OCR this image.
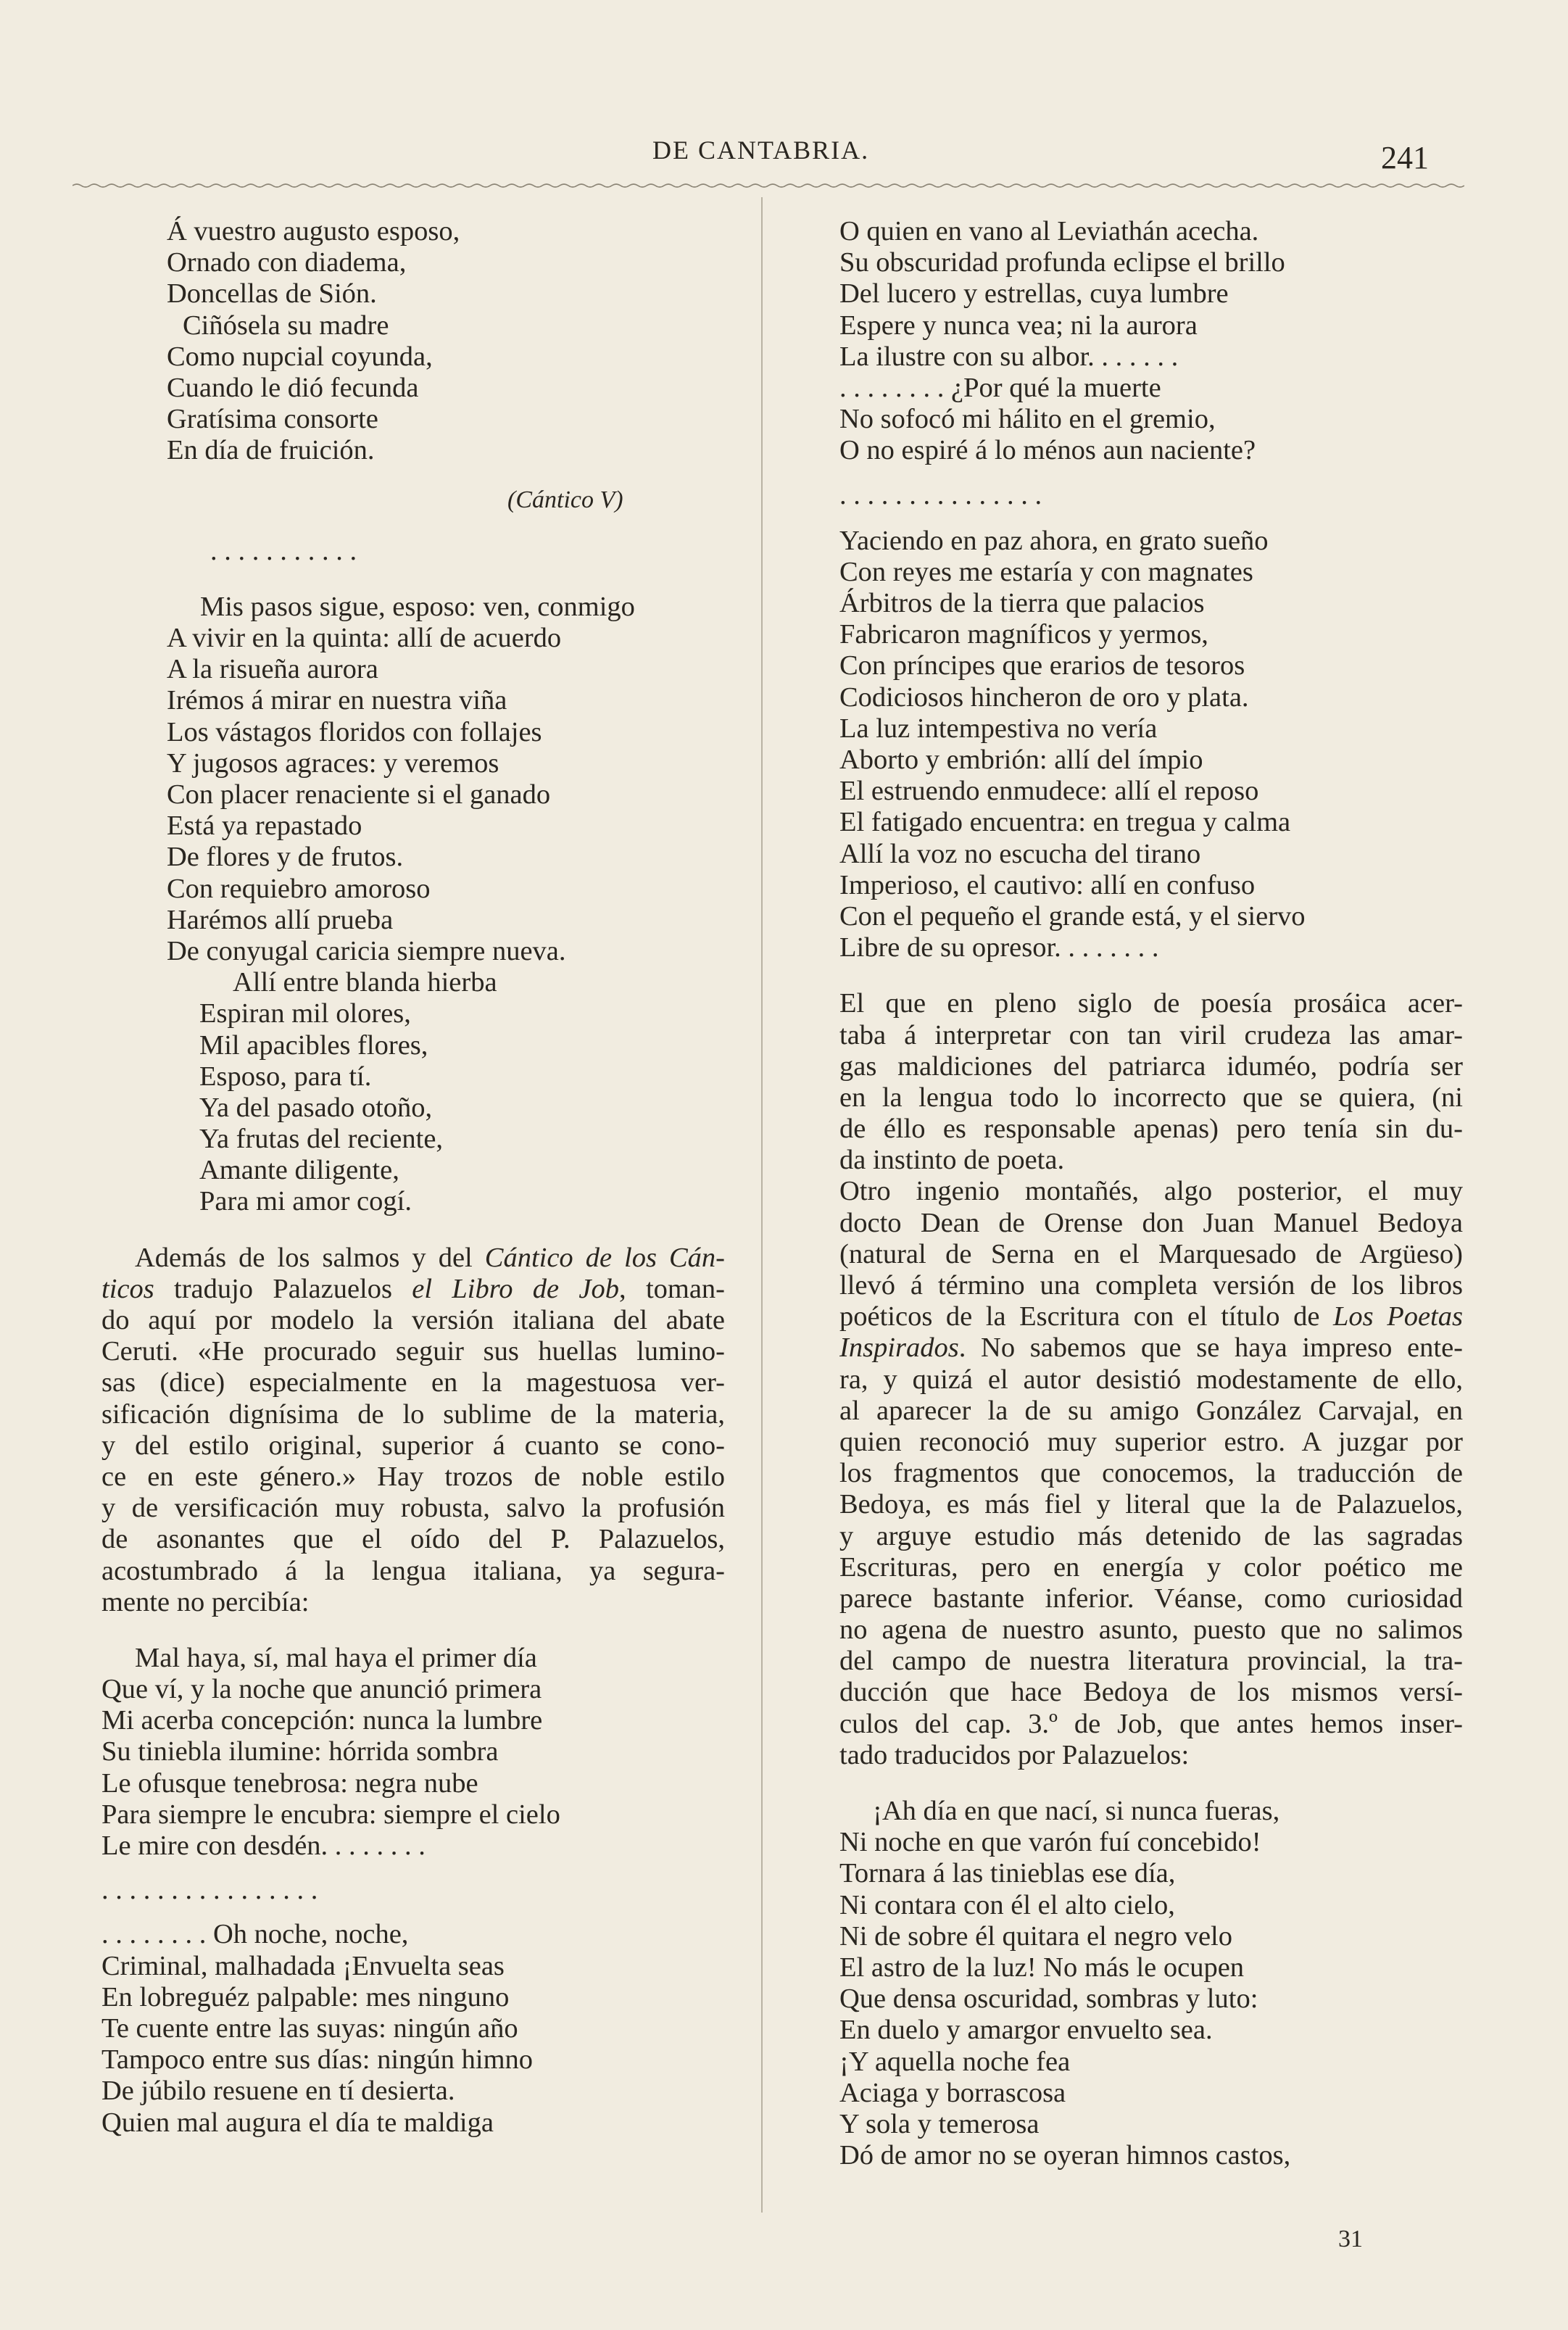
DE CANTABRIA.	241
Á vuestro augusto esposo,
Ornado con diadema,
Doncellas de Sión.
Ciñósela su madre
Como nupcial coyunda,
Cuando le dió fecunda
Gratísima consorte
En día de fruición.
(Cántico V)
. . . . . . . . . . .
Mis pasos sigue, esposo: ven, conmigo
A vivir en la quinta: allí de acuerdo
A la risueña aurora
Irémos á mirar en nuestra viña
Los vástagos floridos con follajes
Y jugosos agraces: y veremos
Con placer renaciente si el ganado
Está ya repastado
De flores y de frutos.
Con requiebro amoroso
Harémos allí prueba
De conyugal caricia siempre nueva.
Allí entre blanda hierba
Espiran mil olores,
Mil apacibles flores,
Esposo, para tí.
Ya del pasado otoño,
Ya frutas del reciente,
Amante diligente,
Para mi amor cogí.
Además de los salmos y del Cántico de los Cán-
ticos tradujo Palazuelos el Libro de Job, toman-
do aquí por modelo la versión italiana del abate
Ceruti. «He procurado seguir sus huellas lumino-
sas (dice) especialmente en la magestuosa ver-
sificación dignísima de lo sublime de la materia,
y del estilo original, superior á cuanto se cono-
ce en este género.» Hay trozos de noble estilo
y de versificación muy robusta, salvo la profusión
de asonantes que el oído del P. Palazuelos,
acostumbrado á la lengua italiana, ya segura-
mente no percibía:
Mal haya, sí, mal haya el primer día
Que ví, y la noche que anunció primera
Mi acerba concepción: nunca la lumbre
Su tiniebla ilumine: hórrida sombra
Le ofusque tenebrosa: negra nube
Para siempre le encubra: siempre el cielo
Le mire con desdén. . . . . . . .
. . . . . . . . . . . . . . . .
. . . . . . . . Oh noche, noche,
Criminal, malhadada ¡Envuelta seas
En lobreguéz palpable: mes ninguno
Te cuente entre las suyas: ningún año
Tampoco entre sus días: ningún himno
De júbilo resuene en tí desierta.
Quien mal augura el día te maldiga
O quien en vano al Leviathán acecha.
Su obscuridad profunda eclipse el brillo
Del lucero y estrellas, cuya lumbre
Espere y nunca vea; ni la aurora
La ilustre con su albor. . . . . . .
. . . . . . . . ¿Por qué la muerte
No sofocó mi hálito en el gremio,
O no espiré á lo ménos aun naciente?
. . . . . . . . . . . . . . .
Yaciendo en paz ahora, en grato sueño
Con reyes me estaría y con magnates
Árbitros de la tierra que palacios
Fabricaron magníficos y yermos,
Con príncipes que erarios de tesoros
Codiciosos hincheron de oro y plata.
La luz intempestiva no vería
Aborto y embrión: allí del ímpio
El estruendo enmudece: allí el reposo
El fatigado encuentra: en tregua y calma
Allí la voz no escucha del tirano
Imperioso, el cautivo: allí en confuso
Con el pequeño el grande está, y el siervo
Libre de su opresor. . . . . . . .
El que en pleno siglo de poesía prosáica acer-
taba á interpretar con tan viril crudeza las amar-
gas maldiciones del patriarca iduméo, podría ser
en la lengua todo lo incorrecto que se quiera, (ni
de éllo es responsable apenas) pero tenía sin du-
da instinto de poeta.
Otro ingenio montañés, algo posterior, el muy
docto Dean de Orense don Juan Manuel Bedoya
(natural de Serna en el Marquesado de Argüeso)
llevó á término una completa versión de los libros
poéticos de la Escritura con el título de Los Poetas
Inspirados. No sabemos que se haya impreso ente-
ra, y quizá el autor desistió modestamente de ello,
al aparecer la de su amigo González Carvajal, en
quien reconoció muy superior estro. A juzgar por
los fragmentos que conocemos, la traducción de
Bedoya, es más fiel y literal que la de Palazuelos,
y arguye estudio más detenido de las sagradas
Escrituras, pero en energía y color poético me
parece bastante inferior. Véanse, como curiosidad
no agena de nuestro asunto, puesto que no salimos
del campo de nuestra literatura provincial, la tra-
ducción que hace Bedoya de los mismos versí-
culos del cap. 3.º de Job, que antes hemos inser-
tado traducidos por Palazuelos:
¡Ah día en que nací, si nunca fueras,
Ni noche en que varón fuí concebido!
Tornara á las tinieblas ese día,
Ni contara con él el alto cielo,
Ni de sobre él quitara el negro velo
El astro de la luz! No más le ocupen
Que densa oscuridad, sombras y luto:
En duelo y amargor envuelto sea.
¡Y aquella noche fea
Aciaga y borrascosa
Y sola y temerosa
Dó de amor no se oyeran himnos castos,
31
